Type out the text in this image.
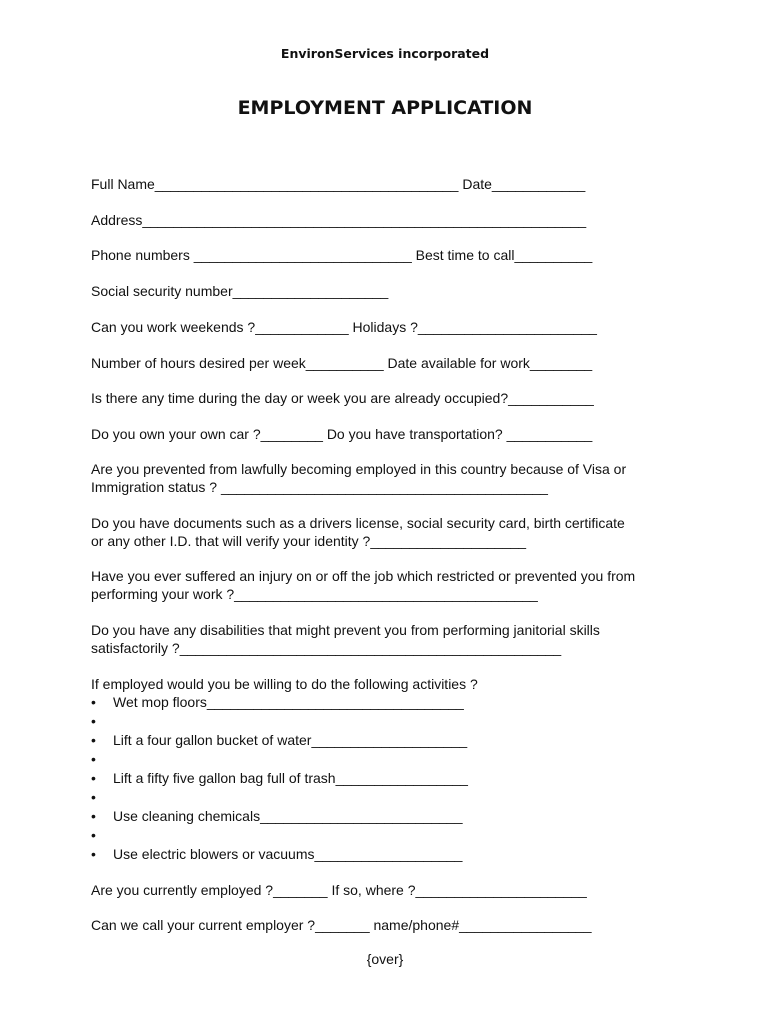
EnvironServices incorporated
EMPLOYMENT APPLICATION
Full Name_______________________________________ Date____________
Address_________________________________________________________
Phone numbers ____________________________ Best time to call__________
Social security number____________________
Can you work weekends ?____________ Holidays ?_______________________
Number of hours desired per week__________ Date available for work________
Is there any time during the day or week you are already occupied?___________
Do you own your own car ?________ Do you have transportation? ___________
Are you prevented from lawfully becoming employed in this country because of Visa or
Immigration status ? __________________________________________
Do you have documents such as a drivers license, social security card, birth certificate
or any other I.D. that will verify your identity ?____________________
Have you ever suffered an injury on or off the job which restricted or prevented you from
performing your work ?_______________________________________
Do you have any disabilities that might prevent you from performing janitorial skills
satisfactorily ?_________________________________________________
If employed would you be willing to do the following activities ?
• Wet mop floors_________________________________
•
• Lift a four gallon bucket of water____________________
•
• Lift a fifty five gallon bag full of trash_________________
•
• Use cleaning chemicals__________________________
•
• Use electric blowers or vacuums___________________
Are you currently employed ?_______ If so, where ?______________________
Can we call your current employer ?_______ name/phone#_________________
{over}
